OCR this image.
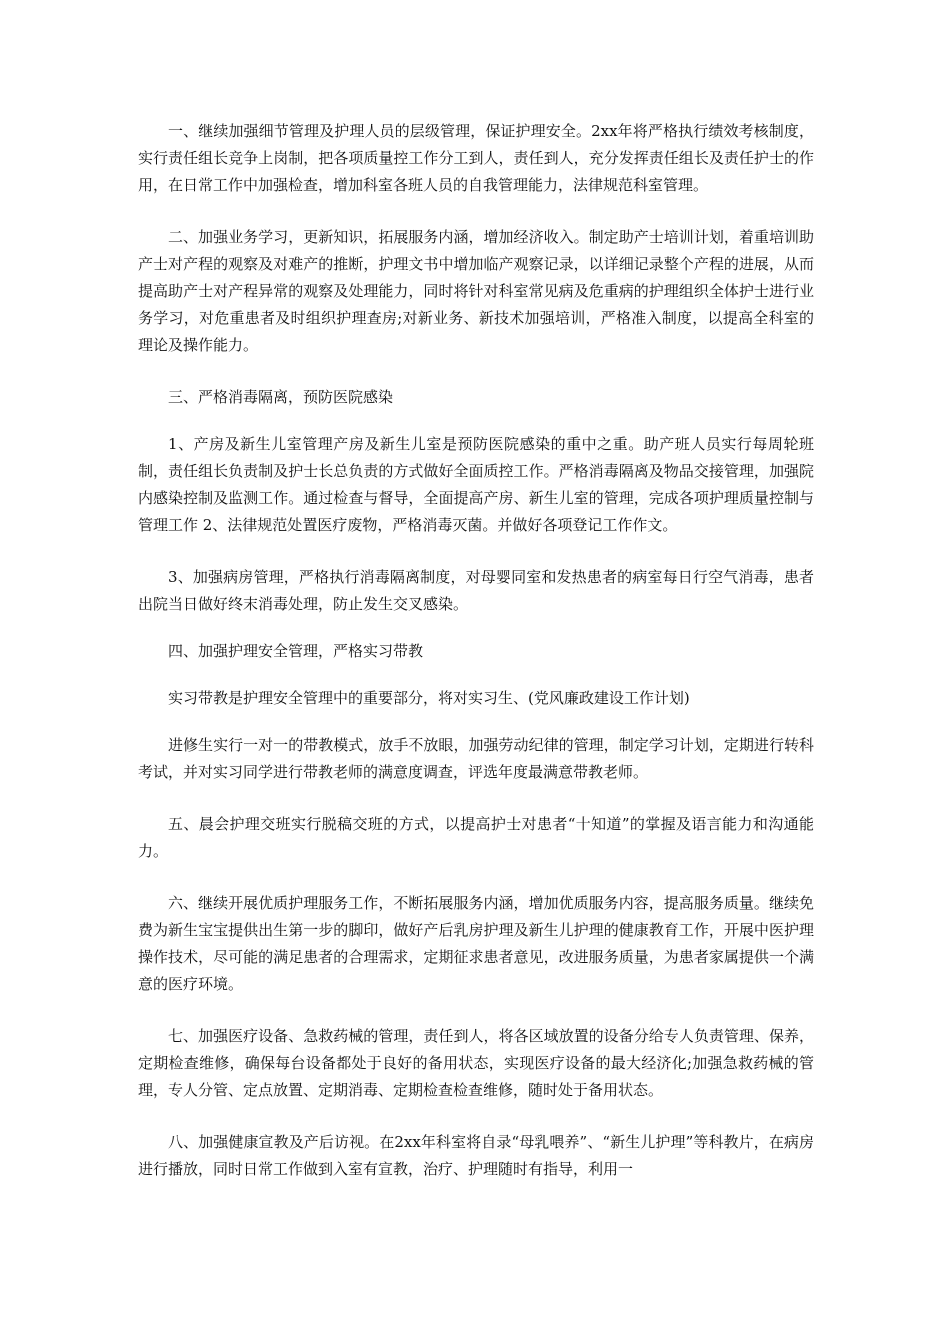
一、继续加强细节管理及护理人员的层级管理，保证护理安全。2xx年将严格执行绩效考核制度，实行责任组长竞争上岗制，把各项质量控工作分工到人，责任到人，充分发挥责任组长及责任护士的作用，在日常工作中加强检查，增加科室各班人员的自我管理能力，法律规范科室管理。

二、加强业务学习，更新知识，拓展服务内涵，增加经济收入。制定助产士培训计划，着重培训助产士对产程的观察及对难产的推断，护理文书中增加临产观察记录，以详细记录整个产程的进展，从而提高助产士对产程异常的观察及处理能力，同时将针对科室常见病及危重病的护理组织全体护士进行业务学习，对危重患者及时组织护理查房;对新业务、新技术加强培训，严格准入制度，以提高全科室的理论及操作能力。

三、严格消毒隔离，预防医院感染

1、产房及新生儿室管理产房及新生儿室是预防医院感染的重中之重。助产班人员实行每周轮班制，责任组长负责制及护士长总负责的方式做好全面质控工作。严格消毒隔离及物品交接管理，加强院内感染控制及监测工作。通过检查与督导，全面提高产房、新生儿室的管理，完成各项护理质量控制与管理工作 2、法律规范处置医疗废物，严格消毒灭菌。并做好各项登记工作作文。

3、加强病房管理，严格执行消毒隔离制度，对母婴同室和发热患者的病室每日行空气消毒，患者出院当日做好终末消毒处理，防止发生交叉感染。

四、加强护理安全管理，严格实习带教

实习带教是护理安全管理中的重要部分，将对实习生、(党风廉政建设工作计划)

进修生实行一对一的带教模式，放手不放眼，加强劳动纪律的管理，制定学习计划，定期进行转科考试，并对实习同学进行带教老师的满意度调查，评选年度最满意带教老师。

五、晨会护理交班实行脱稿交班的方式，以提高护士对患者“十知道”的掌握及语言能力和沟通能力。

六、继续开展优质护理服务工作，不断拓展服务内涵，增加优质服务内容，提高服务质量。继续免费为新生宝宝提供出生第一步的脚印，做好产后乳房护理及新生儿护理的健康教育工作，开展中医护理操作技术，尽可能的满足患者的合理需求，定期征求患者意见，改进服务质量，为患者家属提供一个满意的医疗环境。

七、加强医疗设备、急救药械的管理，责任到人，将各区域放置的设备分给专人负责管理、保养，定期检查维修，确保每台设备都处于良好的备用状态，实现医疗设备的最大经济化;加强急救药械的管理，专人分管、定点放置、定期消毒、定期检查检查维修，随时处于备用状态。

八、加强健康宣教及产后访视。在2xx年科室将自录“母乳喂养”、“新生儿护理”等科教片，在病房进行播放，同时日常工作做到入室有宣教，治疗、护理随时有指导，利用一
